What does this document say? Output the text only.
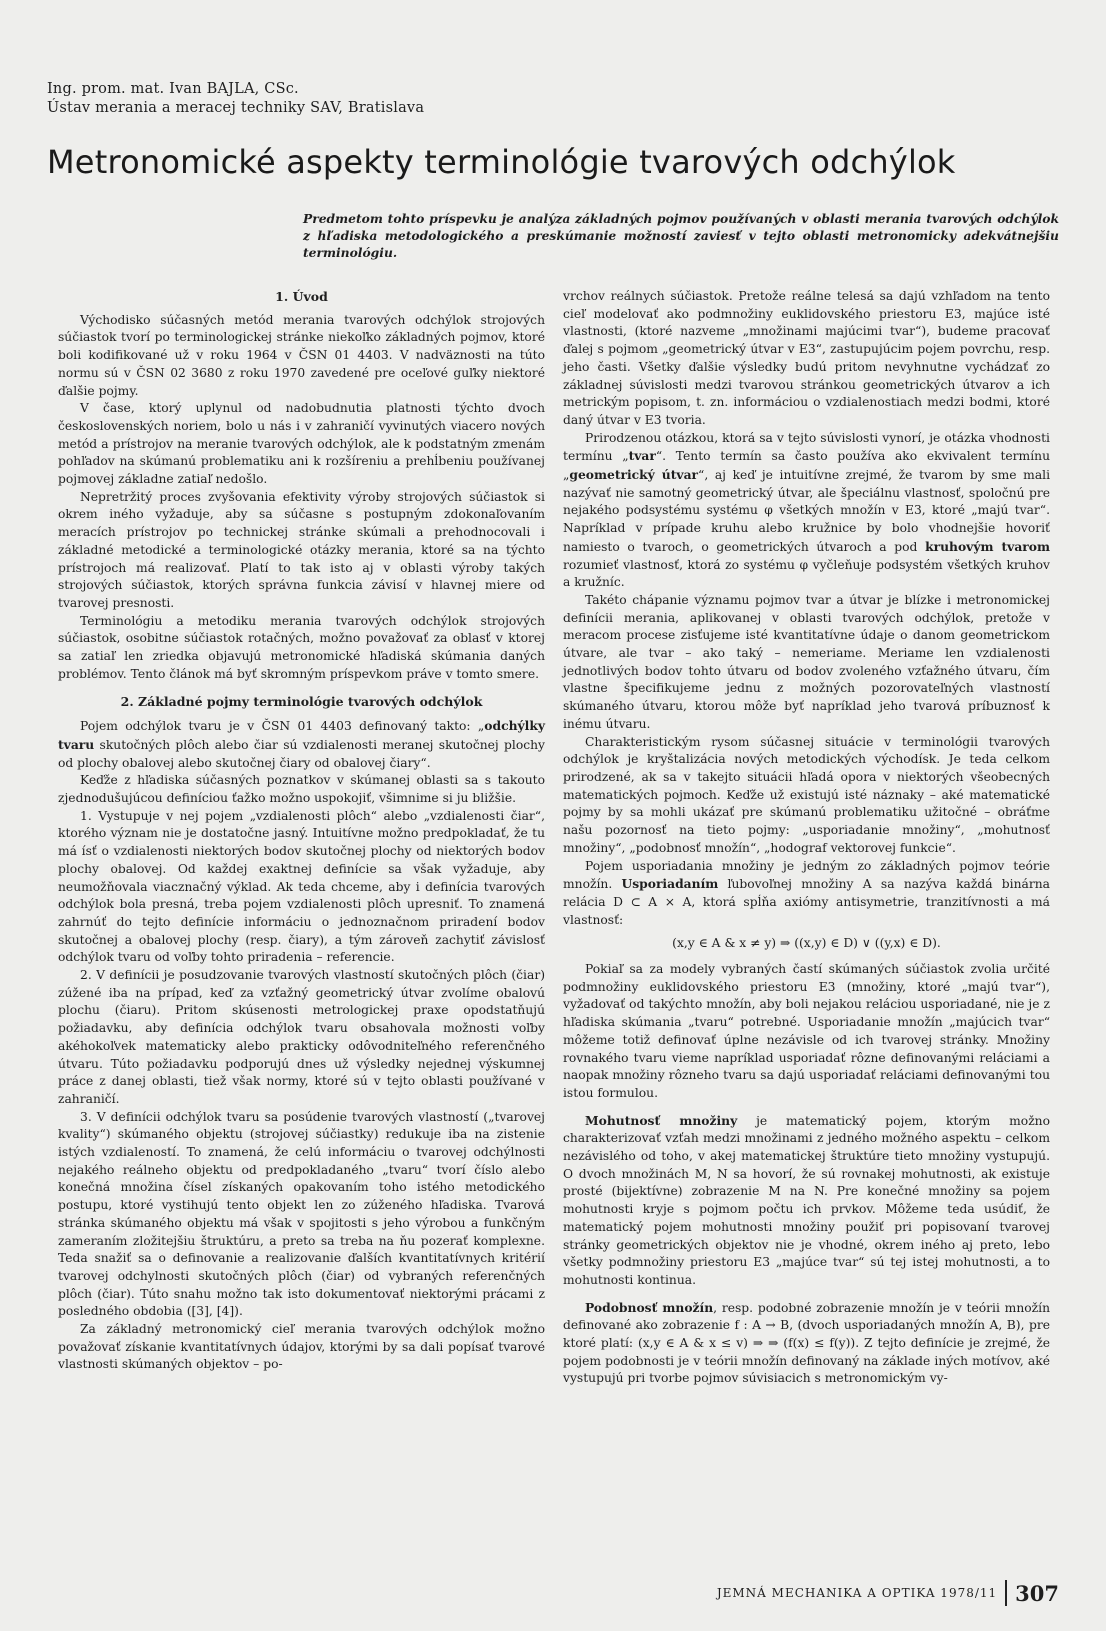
Ing. prom. mat. Ivan BAJLA, CSc.
Ústav merania a meracej techniky SAV, Bratislava
Metronomické aspekty terminológie tvarových odchýlok

Predmetom tohto príspevku je analýza základných pojmov používaných v oblasti merania tvarových odchýlok z hľadiska metodologického a preskúmanie možností zaviesť v tejto oblasti metronomicky adekvátnejšiu terminológiu.

1. Úvod

Východisko súčasných metód merania tvarových odchýlok strojových súčiastok tvorí po terminologickej stránke niekoľko základných pojmov, ktoré boli kodifikované už v roku 1964 v ČSN 01 4403. V nadväznosti na túto normu sú v ČSN 02 3680 z roku 1970 zavedené pre oceľové guľky niektoré ďalšie pojmy.

V čase, ktorý uplynul od nadobudnutia platnosti týchto dvoch československých noriem, bolo u nás i v zahraničí vyvinutých viacero nových metód a prístrojov na meranie tvarových odchýlok, ale k podstatným zmenám pohľadov na skúmanú problematiku ani k rozšíreniu a prehĺbeniu používanej pojmovej základne zatiaľ nedošlo.

Nepretržitý proces zvyšovania efektivity výroby strojových súčiastok si okrem iného vyžaduje, aby sa súčasne s postupným zdokonaľovaním meracích prístrojov po technickej stránke skúmali a prehodnocovali i základné metodické a terminologické otázky merania, ktoré sa na týchto prístrojoch má realizovať. Platí to tak isto aj v oblasti výroby takých strojových súčiastok, ktorých správna funkcia závisí v hlavnej miere od tvarovej presnosti.

Terminológiu a metodiku merania tvarových odchýlok strojových súčiastok, osobitne súčiastok rotačných, možno považovať za oblasť v ktorej sa zatiaľ len zriedka objavujú metronomické hľadiská skúmania daných problémov. Tento článok má byť skromným príspevkom práve v tomto smere.

2. Základné pojmy terminológie tvarových odchýlok

Pojem odchýlok tvaru je v ČSN 01 4403 definovaný takto: „odchýlky tvaru skutočných plôch alebo čiar sú vzdialenosti meranej skutočnej plochy od plochy obalovej alebo skutočnej čiary od obalovej čiary“.

Keďže z hľadiska súčasných poznatkov v skúmanej oblasti sa s takouto zjednodušujúcou definíciou ťažko možno uspokojiť, všimnime si ju bližšie.

1. Vystupuje v nej pojem „vzdialenosti plôch“ alebo „vzdialenosti čiar“, ktorého význam nie je dostatočne jasný. Intuitívne možno predpokladať, že tu má ísť o vzdialenosti niektorých bodov skutočnej plochy od niektorých bodov plochy obalovej. Od každej exaktnej definície sa však vyžaduje, aby neumožňovala viacznačný výklad. Ak teda chceme, aby i definícia tvarových odchýlok bola presná, treba pojem vzdialenosti plôch upresniť. To znamená zahrnúť do tejto definície informáciu o jednoznačnom priradení bodov skutočnej a obalovej plochy (resp. čiary), a tým zároveň zachytiť závislosť odchýlok tvaru od voľby tohto priradenia – referencie.

2. V definícii je posudzovanie tvarových vlastností skutočných plôch (čiar) zúžené iba na prípad, keď za vzťažný geometrický útvar zvolíme obalovú plochu (čiaru). Pritom skúsenosti metrologickej praxe opodstatňujú požiadavku, aby definícia odchýlok tvaru obsahovala možnosti voľby akéhokoľvek matematicky alebo prakticky odôvodniteľného referenčného útvaru. Túto požiadavku podporujú dnes už výsledky nejednej výskumnej práce z danej oblasti, tiež však normy, ktoré sú v tejto oblasti používané v zahraničí.

3. V definícii odchýlok tvaru sa posúdenie tvarových vlastností („tvarovej kvality“) skúmaného objektu (strojovej súčiastky) redukuje iba na zistenie istých vzdialeností. To znamená, že celú informáciu o tvarovej odchýlnosti nejakého reálneho objektu od predpokladaného „tvaru“ tvorí číslo alebo konečná množina čísel získaných opakovaním toho istého metodického postupu, ktoré vystihujú tento objekt len zo zúženého hľadiska. Tvarová stránka skúmaného objektu má však v spojitosti s jeho výrobou a funkčným zameraním zložitejšiu štruktúru, a preto sa treba na ňu pozerať komplexne. Teda snažiť sa o definovanie a realizovanie ďalších kvantitatívnych kritérií tvarovej odchylnosti skutočných plôch (čiar) od vybraných referenčných plôch (čiar). Túto snahu možno tak isto dokumentovať niektorými prácami z posledného obdobia ([3], [4]).

Za základný metronomický cieľ merania tvarových odchýlok možno považovať získanie kvantitatívnych údajov, ktorými by sa dali popísať tvarové vlastnosti skúmaných objektov – po-

vrchov reálnych súčiastok. Pretože reálne telesá sa dajú vzhľadom na tento cieľ modelovať ako podmnožiny euklidovského priestoru E3, majúce isté vlastnosti, (ktoré nazveme „množinami majúcimi tvar“), budeme pracovať ďalej s pojmom „geometrický útvar v E3“, zastupujúcim pojem povrchu, resp. jeho časti. Všetky ďalšie výsledky budú pritom nevyhnutne vychádzať zo základnej súvislosti medzi tvarovou stránkou geometrických útvarov a ich metrickým popisom, t. zn. informáciou o vzdialenostiach medzi bodmi, ktoré daný útvar v E3 tvoria.

Prirodzenou otázkou, ktorá sa v tejto súvislosti vynorí, je otázka vhodnosti termínu „tvar“. Tento termín sa často používa ako ekvivalent termínu „geometrický útvar“, aj keď je intuitívne zrejmé, že tvarom by sme mali nazývať nie samotný geometrický útvar, ale špeciálnu vlastnosť, spoločnú pre nejakého podsystému systému φ všetkých množín v E3, ktoré „majú tvar“. Napríklad v prípade kruhu alebo kružnice by bolo vhodnejšie hovoriť namiesto o tvaroch, o geometrických útvaroch a pod kruhovým tvarom rozumieť vlastnosť, ktorá zo systému φ vyčleňuje podsystém všetkých kruhov a kružníc.

Takéto chápanie významu pojmov tvar a útvar je blízke i metronomickej definícii merania, aplikovanej v oblasti tvarových odchýlok, pretože v meracom procese zisťujeme isté kvantitatívne údaje o danom geometrickom útvare, ale tvar – ako taký – nemeriame. Meriame len vzdialenosti jednotlivých bodov tohto útvaru od bodov zvoleného vzťažného útvaru, čím vlastne špecifikujeme jednu z možných pozorovateľných vlastností skúmaného útvaru, ktorou môže byť napríklad jeho tvarová príbuznosť k inému útvaru.

Charakteristickým rysom súčasnej situácie v terminológii tvarových odchýlok je kryštalizácia nových metodických východísk. Je teda celkom prirodzené, ak sa v takejto situácii hľadá opora v niektorých všeobecných matematických pojmoch. Keďže už existujú isté náznaky – aké matematické pojmy by sa mohli ukázať pre skúmanú problematiku užitočné – obráťme našu pozornosť na tieto pojmy: „usporiadanie množiny“, „mohutnosť množiny“, „podobnosť množín“, „hodograf vektorovej funkcie“.

Pojem usporiadania množiny je jedným zo základných pojmov teórie množín. Usporiadaním ľubovoľnej množiny A sa nazýva každá binárna relácia D ⊂ A × A, ktorá spĺňa axiómy antisymetrie, tranzitívnosti a má vlastnosť:

(x,y ∈ A & x ≠ y) ⇒ ((x,y) ∈ D) ∨ ((y,x) ∈ D).

Pokiaľ sa za modely vybraných častí skúmaných súčiastok zvolia určité podmnožiny euklidovského priestoru E3 (množiny, ktoré „majú tvar“), vyžadovať od takýchto množín, aby boli nejakou reláciou usporiadané, nie je z hľadiska skúmania „tvaru“ potrebné. Usporiadanie množín „majúcich tvar“ môžeme totiž definovať úplne nezávisle od ich tvarovej stránky. Množiny rovnakého tvaru vieme napríklad usporiadať rôzne definovanými reláciami a naopak množiny rôzneho tvaru sa dajú usporiadať reláciami definovanými tou istou formulou.

Mohutnosť množiny je matematický pojem, ktorým možno charakterizovať vzťah medzi množinami z jedného možného aspektu – celkom nezávislého od toho, v akej matematickej štruktúre tieto množiny vystupujú. O dvoch množinách M, N sa hovorí, že sú rovnakej mohutnosti, ak existuje prosté (bijektívne) zobrazenie M na N. Pre konečné množiny sa pojem mohutnosti kryje s pojmom počtu ich prvkov. Môžeme teda usúdiť, že matematický pojem mohutnosti množiny použiť pri popisovaní tvarovej stránky geometrických objektov nie je vhodné, okrem iného aj preto, lebo všetky podmnožiny priestoru E3 „majúce tvar“ sú tej istej mohutnosti, a to mohutnosti kontinua.

Podobnosť množín, resp. podobné zobrazenie množín je v teórii množín definované ako zobrazenie f : A → B, (dvoch usporiadaných množín A, B), pre ktoré platí: (x,y ∈ A & x ≤ v) ⇒ ⇒ (f(x) ≤ f(y)). Z tejto definície je zrejmé, že pojem podobnosti je v teórii množín definovaný na základe iných motívov, aké vystupujú pri tvorbe pojmov súvisiacich s metronomickým vy-

JEMNÁ MECHANIKA A OPTIKA 1978/11 307
